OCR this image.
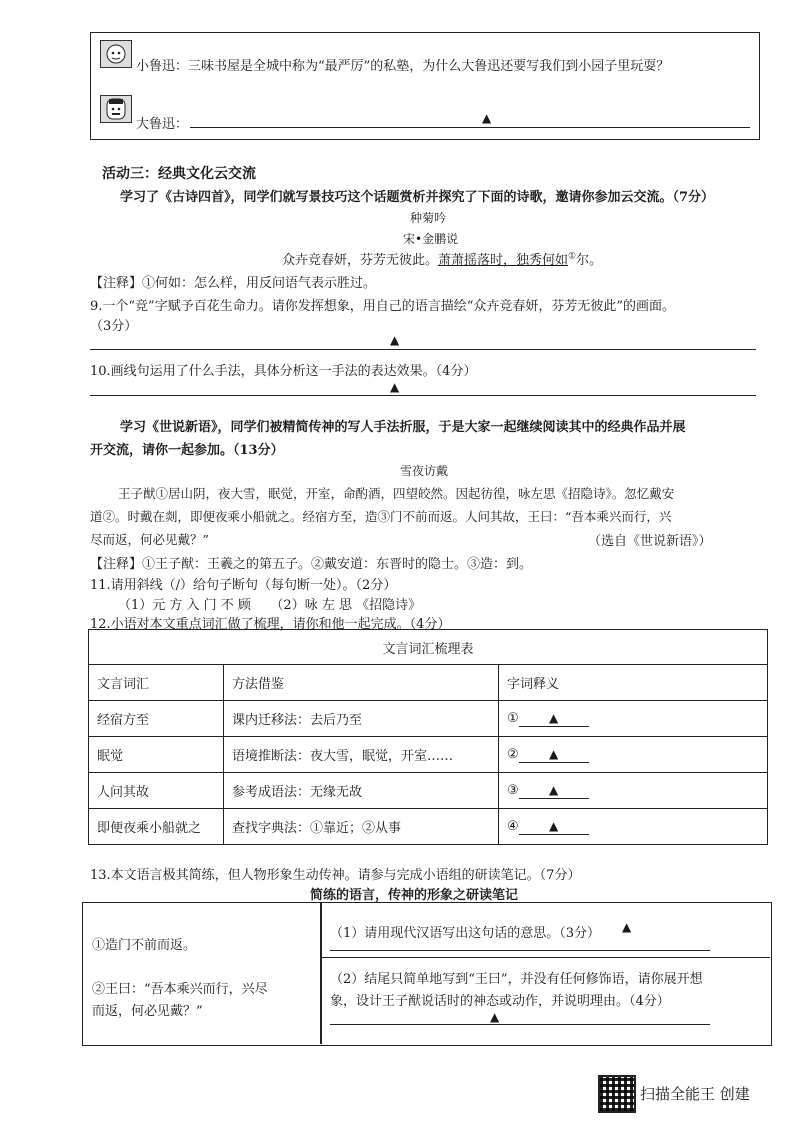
小鲁迅：三味书屋是全城中称为“最严厉”的私塾，为什么大鲁迅还要写我们到小园子里玩耍？
大鲁迅：	▲
活动三：经典文化云交流
学习了《古诗四首》，同学们就写景技巧这个话题赏析并探究了下面的诗歌，邀请你参加云交流。（7分）
种菊吟
宋•金鹏说
众卉竞春妍，芬芳无彼此。萧萧摇落时，独秀何如①尔。
【注释】①何如：怎么样，用反问语气表示胜过。
9.一个“竞”字赋予百花生命力。请你发挥想象，用自己的语言描绘“众卉竞春妍，芬芳无彼此”的画面。
（3分）
▲
10.画线句运用了什么手法，具体分析这一手法的表达效果。（4分）
▲
学习《世说新语》，同学们被精简传神的写人手法折服，于是大家一起继续阅读其中的经典作品并展
开交流，请你一起参加。（13分）
雪夜访戴
王子猷①居山阴，夜大雪，眠觉，开室，命酌酒，四望皎然。因起彷徨，咏左思《招隐诗》。忽忆戴安
道②。时戴在剡，即便夜乘小船就之。经宿方至，造③门不前而返。人问其故，王曰：“吾本乘兴而行，兴
尽而返，何必见戴？”	（选自《世说新语》）
【注释】①王子猷：王羲之的第五子。②戴安道：东晋时的隐士。③造：到。
11.请用斜线（/）给句子断句（每句断一处）。（2分）
（1）元 方 入 门 不 顾　　（2）咏 左 思 《招隐诗》
12.小语对本文重点词汇做了梳理，请你和他一起完成。（4分）
文言词汇梳理表		
文言词汇	方法借鉴	字词释义
经宿方至	课内迁移法：去后乃至	① ▲
眠觉	语境推断法：夜大雪，眠觉，开室……	② ▲
人问其故	参考成语法：无缘无故	③ ▲
即便夜乘小船就之	查找字典法：①靠近；②从事	④ ▲
13.本文语言极其简练，但人物形象生动传神。请参与完成小语组的研读笔记。（7分）
简练的语言，传神的形象之研读笔记
①造门不前而返。
②王曰：“吾本乘兴而行，兴尽
而返，何必见戴？”
（1）请用现代汉语写出这句话的意思。（3分） ▲
（2）结尾只简单地写到“王曰”，并没有任何修饰语，请你展开想
象，设计王子猷说话时的神态或动作，并说明理由。（4分）
▲
扫描全能王 创建
